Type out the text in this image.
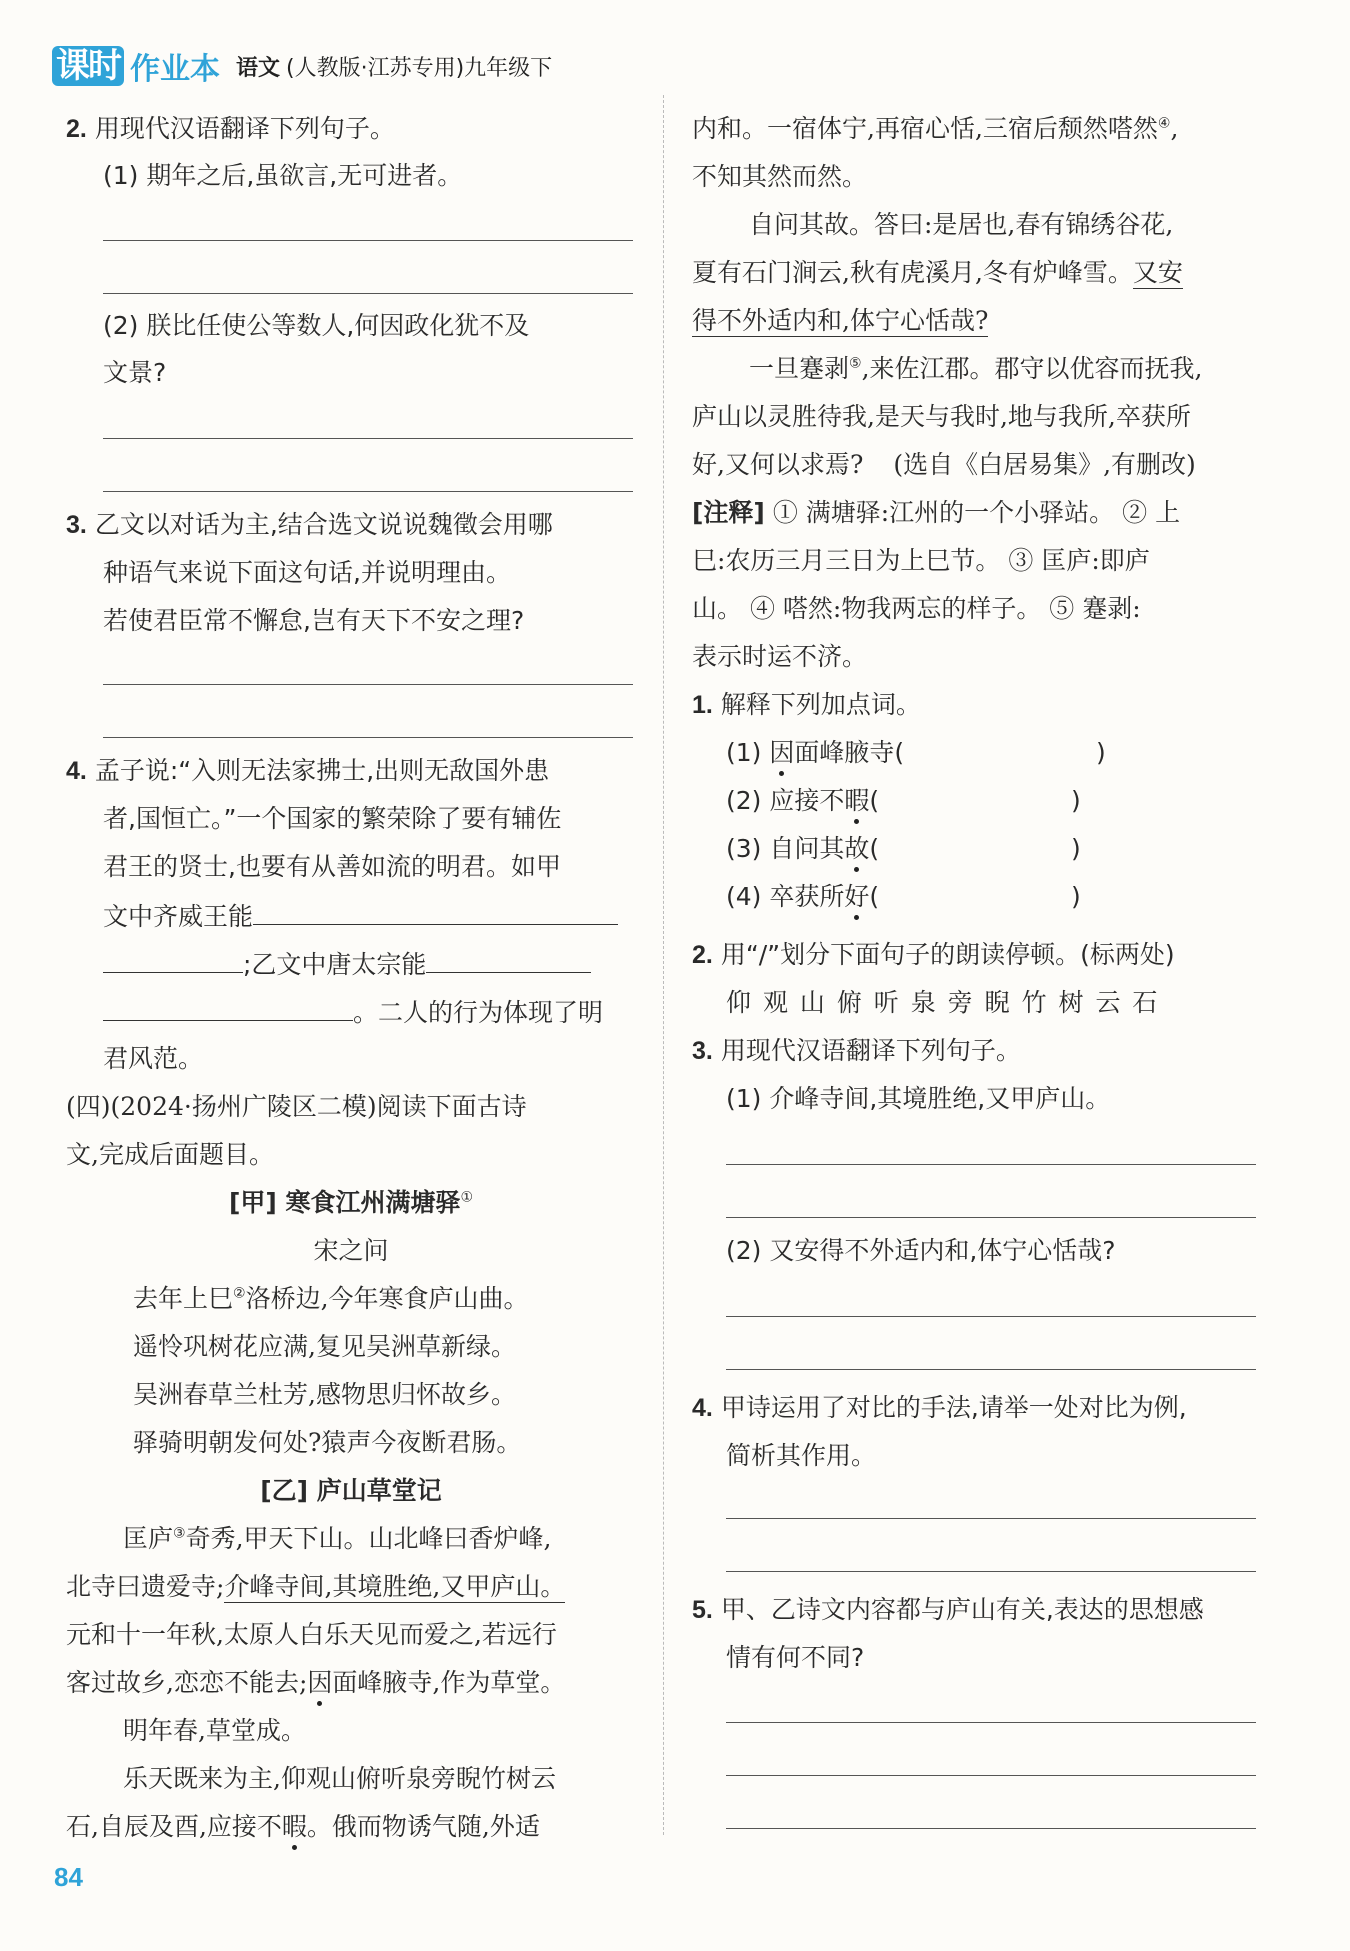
课时 作业本 语文 (人教版·江苏专用)九年级下
2. 用现代汉语翻译下列句子。
(1) 期年之后,虽欲言,无可进者。
(2) 朕比任使公等数人,何因政化犹不及
文景?
3. 乙文以对话为主,结合选文说说魏徵会用哪
种语气来说下面这句话,并说明理由。
若使君臣常不懈怠,岂有天下不安之理?
4. 孟子说:“入则无法家拂士,出则无敌国外患
者,国恒亡。”一个国家的繁荣除了要有辅佐
君王的贤士,也要有从善如流的明君。如甲
文中齐威王能
;乙文中唐太宗能
。二人的行为体现了明
君风范。
(四)(2024·扬州广陵区二模)阅读下面古诗
文,完成后面题目。
[甲] 寒食江州满塘驿①
宋之问
去年上巳②洛桥边,今年寒食庐山曲。
遥怜巩树花应满,复见吴洲草新绿。
吴洲春草兰杜芳,感物思归怀故乡。
驿骑明朝发何处?猿声今夜断君肠。
[乙] 庐山草堂记
匡庐③奇秀,甲天下山。山北峰曰香炉峰,
北寺曰遗爱寺;介峰寺间,其境胜绝,又甲庐山。
元和十一年秋,太原人白乐天见而爱之,若远行
客过故乡,恋恋不能去;因面峰腋寺,作为草堂。
明年春,草堂成。
乐天既来为主,仰观山俯听泉旁睨竹树云
石,自辰及酉,应接不暇。俄而物诱气随,外适
内和。一宿体宁,再宿心恬,三宿后颓然嗒然④,
不知其然而然。
自问其故。答曰:是居也,春有锦绣谷花,
夏有石门涧云,秋有虎溪月,冬有炉峰雪。又安
得不外适内和,体宁心恬哉?
一旦蹇剥⑤,来佐江郡。郡守以优容而抚我,
庐山以灵胜待我,是天与我时,地与我所,卒获所
好,又何以求焉? (选自《白居易集》,有删改)
[注释] ① 满塘驿:江州的一个小驿站。 ② 上
巳:农历三月三日为上巳节。 ③ 匡庐:即庐
山。 ④ 嗒然:物我两忘的样子。 ⑤ 蹇剥:
表示时运不济。
1. 解释下列加点词。
(1) 因面峰腋寺(	)
(2) 应接不暇(	)
(3) 自问其故(	)
(4) 卒获所好(	)
2. 用“/”划分下面句子的朗读停顿。(标两处)
仰 观 山 俯 听 泉 旁 睨 竹 树 云 石
3. 用现代汉语翻译下列句子。
(1) 介峰寺间,其境胜绝,又甲庐山。
(2) 又安得不外适内和,体宁心恬哉?
4. 甲诗运用了对比的手法,请举一处对比为例,
简析其作用。
5. 甲、乙诗文内容都与庐山有关,表达的思想感
情有何不同?
84
